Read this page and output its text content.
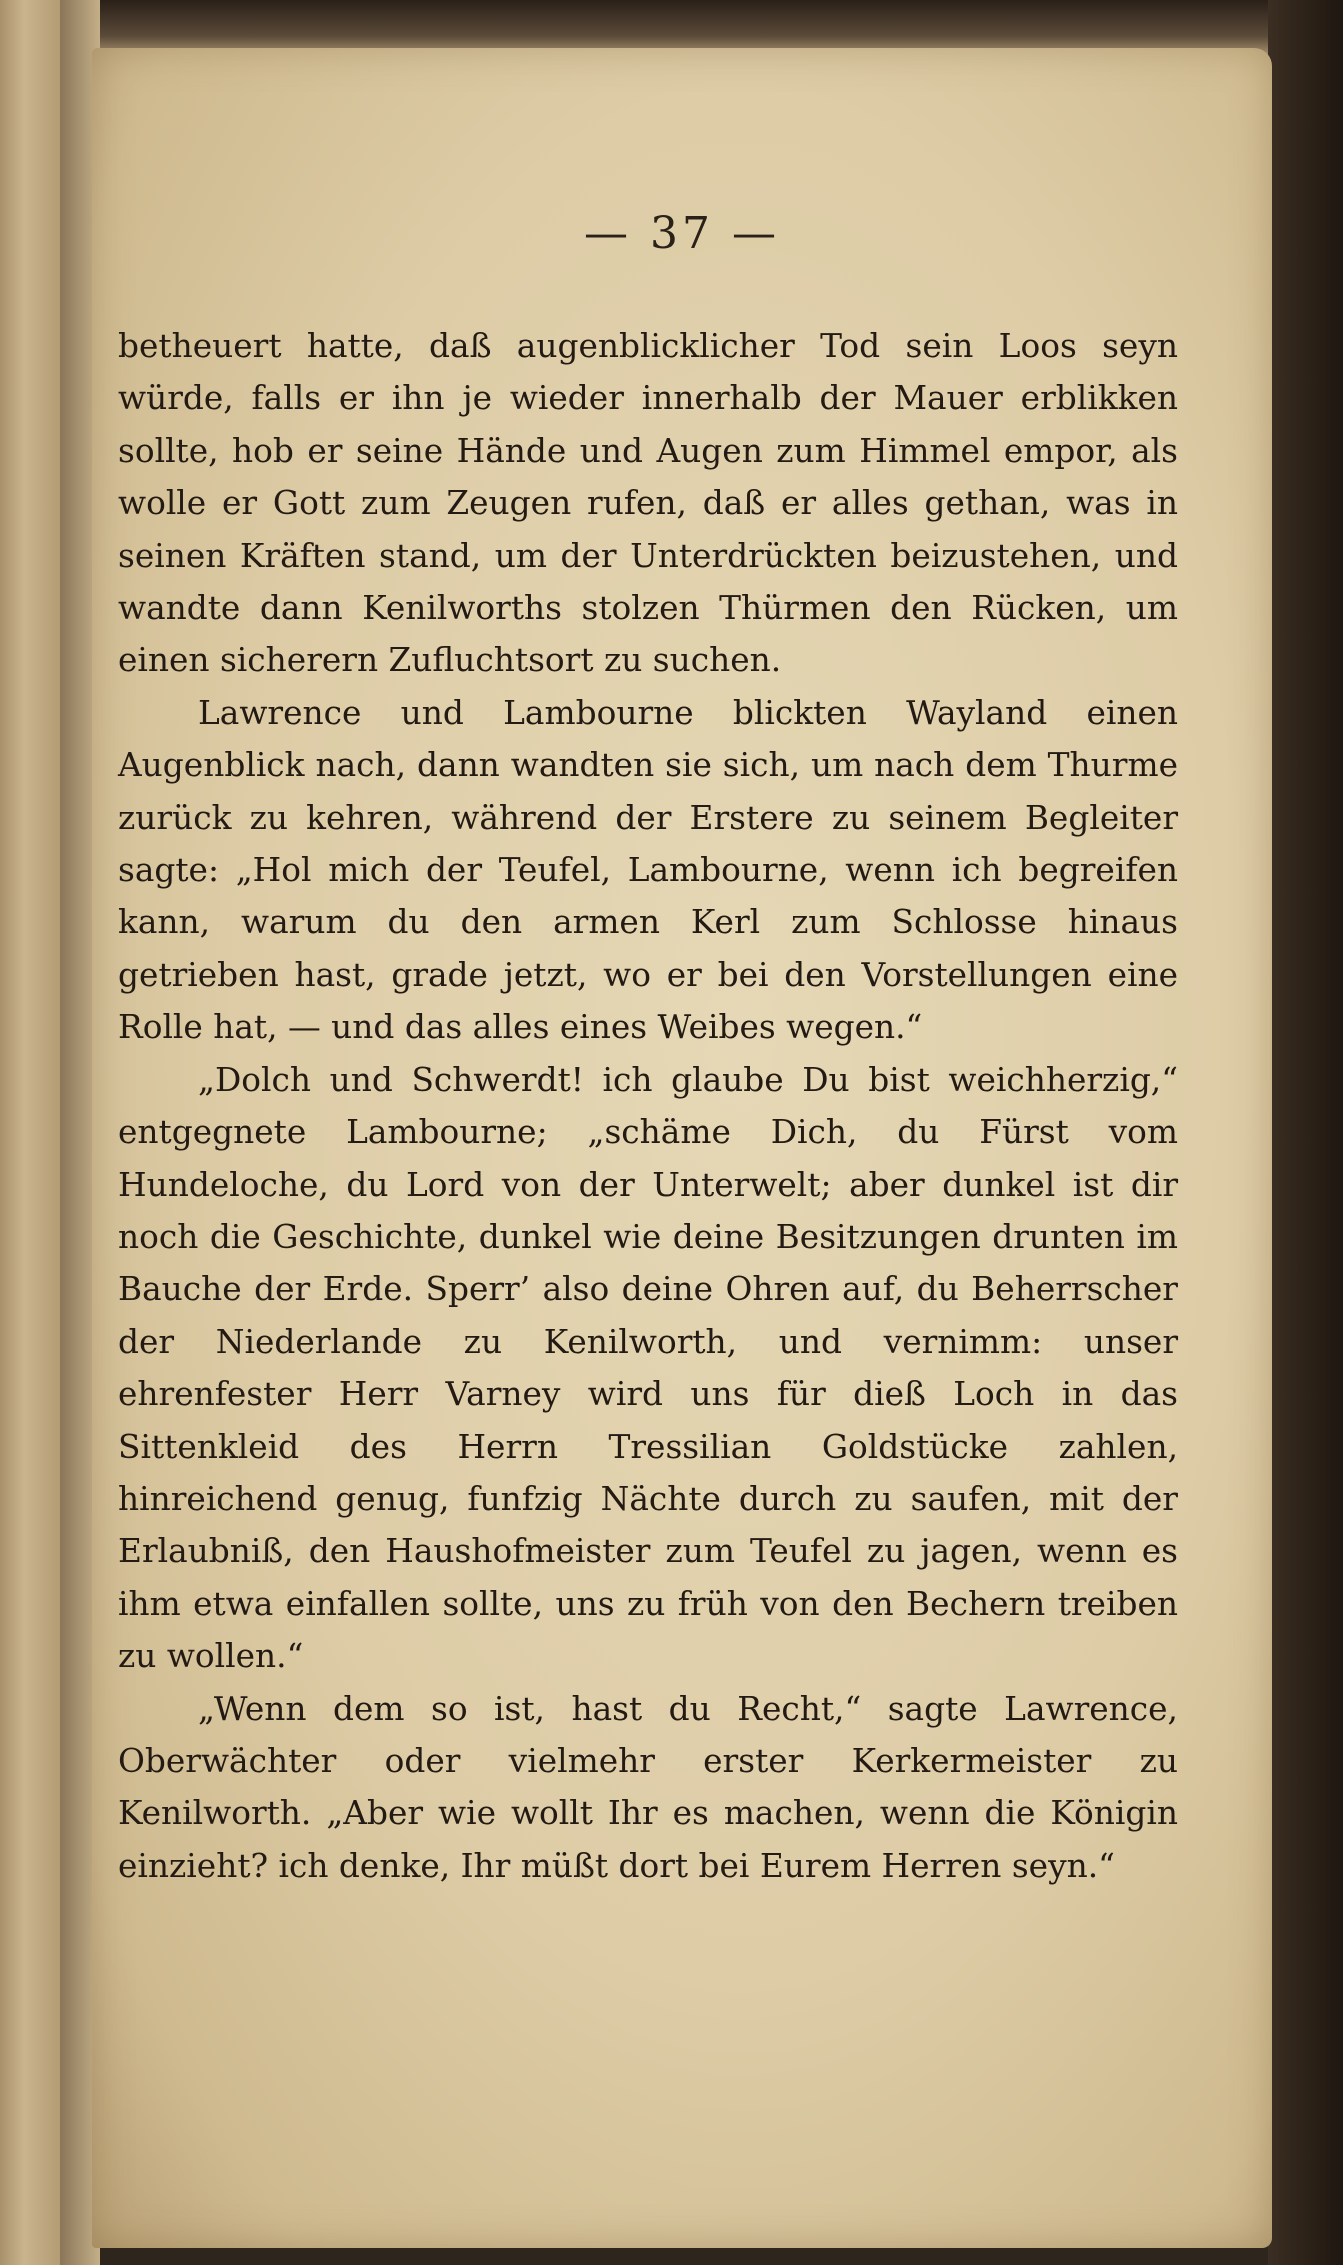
— 37 —

betheuert hatte, daß augenblicklicher Tod sein Loos seyn würde, falls er ihn je wieder innerhalb der Mauer erblikken sollte, hob er seine Hände und Augen zum Himmel empor, als wolle er Gott zum Zeugen rufen, daß er alles gethan, was in seinen Kräften stand, um der Unterdrückten beizustehen, und wandte dann Kenilworths stolzen Thürmen den Rücken, um einen sicherern Zufluchtsort zu suchen.

Lawrence und Lambourne blickten Wayland einen Augenblick nach, dann wandten sie sich, um nach dem Thurme zurück zu kehren, während der Erstere zu seinem Begleiter sagte: „Hol mich der Teufel, Lambourne, wenn ich begreifen kann, warum du den armen Kerl zum Schlosse hinaus getrieben hast, grade jetzt, wo er bei den Vorstellungen eine Rolle hat, — und das alles eines Weibes wegen.“

„Dolch und Schwerdt! ich glaube Du bist weichherzig,“ entgegnete Lambourne; „schäme Dich, du Fürst vom Hundeloche, du Lord von der Unterwelt; aber dunkel ist dir noch die Geschichte, dunkel wie deine Besitzungen drunten im Bauche der Erde. Sperr’ also deine Ohren auf, du Beherrscher der Niederlande zu Kenilworth, und vernimm: unser ehrenfester Herr Varney wird uns für dieß Loch in das Sittenkleid des Herrn Tressilian Goldstücke zahlen, hinreichend genug, funfzig Nächte durch zu saufen, mit der Erlaubniß, den Haushofmeister zum Teufel zu jagen, wenn es ihm etwa einfallen sollte, uns zu früh von den Bechern treiben zu wollen.“

„Wenn dem so ist, hast du Recht,“ sagte Lawrence, Oberwächter oder vielmehr erster Kerkermeister zu Kenilworth. „Aber wie wollt Ihr es machen, wenn die Königin einzieht? ich denke, Ihr müßt dort bei Eurem Herren seyn.“
